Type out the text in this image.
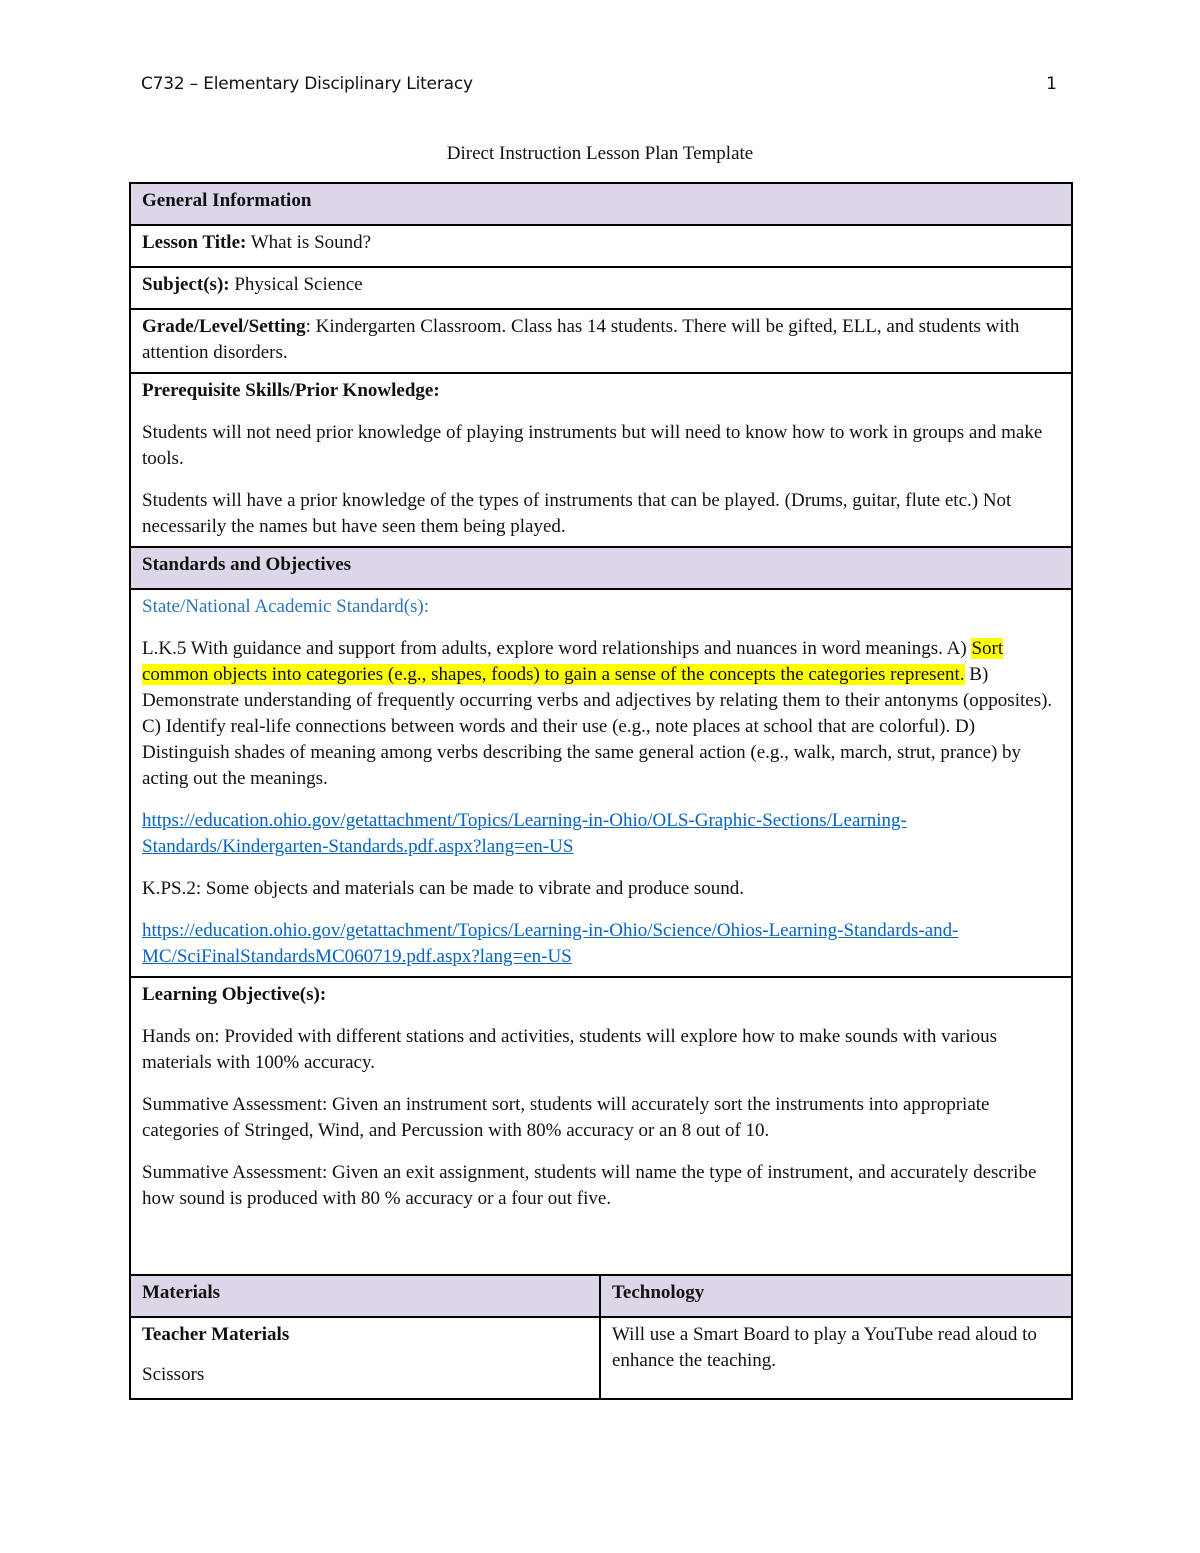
C732 – Elementary Disciplinary Literacy	1
Direct Instruction Lesson Plan Template
General Information	
Lesson Title: What is Sound?	
Subject(s): Physical Science	
Grade/Level/Setting: Kindergarten Classroom. Class has 14 students. There will be gifted, ELL, and students with attention disorders.	

Prerequisite Skills/Prior Knowledge:

Students will not need prior knowledge of playing instruments but will need to know how to work in groups and make tools.

Students will have a prior knowledge of the types of instruments that can be played. (Drums, guitar, flute etc.) Not necessarily the names but have seen them being played.	

Standards and Objectives	

State/National Academic Standard(s):

L.K.5 With guidance and support from adults, explore word relationships and nuances in word meanings. A) Sort common objects into categories (e.g., shapes, foods) to gain a sense of the concepts the categories represent. B) Demonstrate understanding of frequently occurring verbs and adjectives by relating them to their antonyms (opposites). C) Identify real-life connections between words and their use (e.g., note places at school that are colorful). D) Distinguish shades of meaning among verbs describing the same general action (e.g., walk, march, strut, prance) by acting out the meanings.

https://education.ohio.gov/getattachment/Topics/Learning-in-Ohio/OLS-Graphic-Sections/Learning-Standards/Kindergarten-Standards.pdf.aspx?lang=en-US

K.PS.2: Some objects and materials can be made to vibrate and produce sound.

https://education.ohio.gov/getattachment/Topics/Learning-in-Ohio/Science/Ohios-Learning-Standards-and-MC/SciFinalStandardsMC060719.pdf.aspx?lang=en-US	

Learning Objective(s):

Hands on: Provided with different stations and activities, students will explore how to make sounds with various materials with 100% accuracy.

Summative Assessment: Given an instrument sort, students will accurately sort the instruments into appropriate categories of Stringed, Wind, and Percussion with 80% accuracy or an 8 out of 10.

Summative Assessment: Given an exit assignment, students will name the type of instrument, and accurately describe how sound is produced with 80 % accuracy or a four out five.	

Materials	Technology

Teacher Materials

Scissors	Will use a Smart Board to play a YouTube read aloud to enhance the teaching.
